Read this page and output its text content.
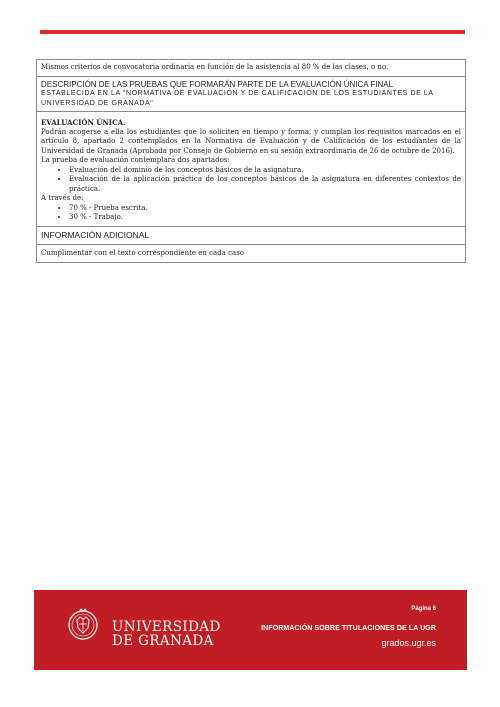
Mismos criterios de convocatoria ordinaria en función de la asistencia al 80 % de las clases, o no.
DESCRIPCIÓN DE LAS PRUEBAS QUE FORMARÁN PARTE DE LA EVALUACIÓN ÚNICA FINAL
ESTABLECIDA EN LA "NORMATIVA DE EVALUACIÓN Y DE CALIFICACIÓN DE LOS ESTUDIANTES DE LA
UNIVERSIDAD DE GRANADA"
EVALUACIÓN ÚNICA.
Podrán acogerse a ella los estudiantes que lo soliciten en tiempo y forma, y cumplan los requisitos marcados en el artículo 8, apartado 2 contemplados en la Normativa de Evaluación y de Calificación de los estudiantes de la Universidad de Granada (Aprobada por Consejo de Gobierno en su sesión extraordinaria de 26 de octubre de 2016).
La prueba de evaluación contemplará dos apartados:
• Evaluación del dominio de los conceptos básicos de la asignatura.
• Evaluación de la aplicación práctica de los conceptos básicos de la asignatura en diferentes contextos de práctica.
A través de:
• 70 % - Prueba escrita.
• 30 % - Trabajo.
INFORMACIÓN ADICIONAL
Cumplimentar con el texto correspondiente en cada caso
UNIVERSIDAD
DE GRANADA
Página 6
INFORMACIÓN SOBRE TITULACIONES DE LA UGR
grados.ugr.es
